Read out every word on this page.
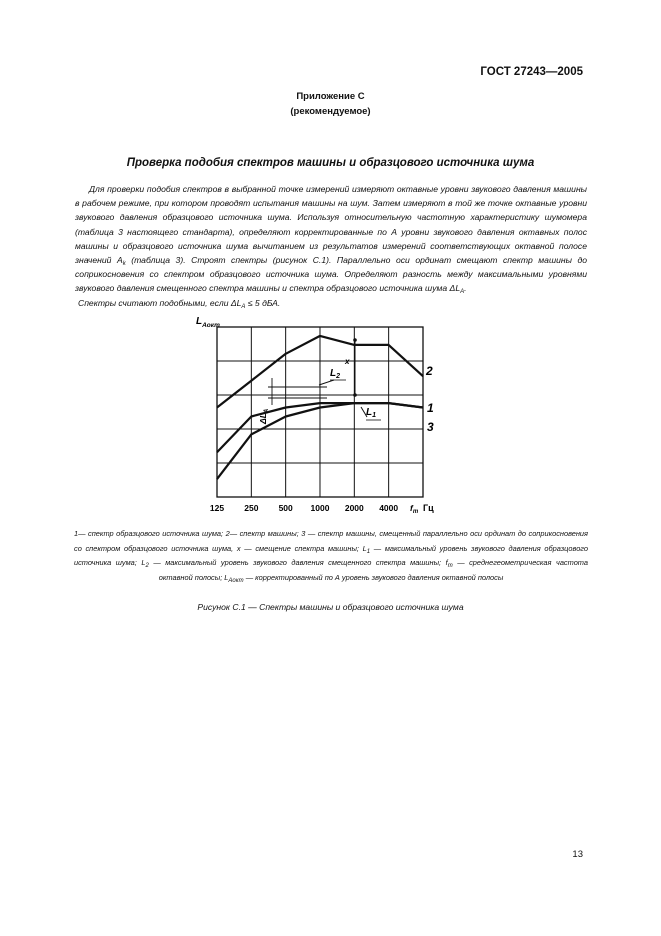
ГОСТ 27243—2005
Приложение С
(рекомендуемое)
Проверка подобия спектров машины и образцового источника шума

Для проверки подобия спектров в выбранной точке измерений измеряют октавные уровни звукового давления машины в рабочем режиме, при котором проводят испытания машины на шум. Затем измеряют в той же точке октавные уровни звукового давления образцового источника шума. Используя относительную частотную характеристику шумомера (таблица 3 настоящего стандарта), определяют корректированные по А уровни звукового давления октавных полос машины и образцового источника шума вычитанием из результатов измерений соответствующих октавной полосе значений $A_k$ (таблица 3). Строят спектры (рисунок С.1). Параллельно оси ординат смещают спектр машины до соприкосновения со спектром образцового источника шума. Определяют разность между максимальными уровнями звукового давления смещенного спектра машины и спектра образцового источника шума $\Delta L_A$.

Спектры считают подобными, если $\Delta L_A \le 5$ дБА.

125 250 500 1000 2000 4000
$L_{Aокт}$
$f_m$ Гц
2
1
3
x
$L_2$
$L_1$
$\Delta L_A$
1— спектр образцового источника шума; 2— спектр машины; 3 — спектр машины, смещенный параллельно оси ординат до соприкосновения со спектром образцового источника шума, x — смещение спектра машины; $L_1$ — максимальный уровень звукового давления образцового источника шума; $L_2$ — максимальный уровень звукового давления смещенного спектра машины; $f_m$ — среднегеометрическая частота октавной полосы; $L_{Aокт}$ — корректированный по А уровень звукового давления октавной полосы
Рисунок С.1 — Спектры машины и образцового источника шума
13
